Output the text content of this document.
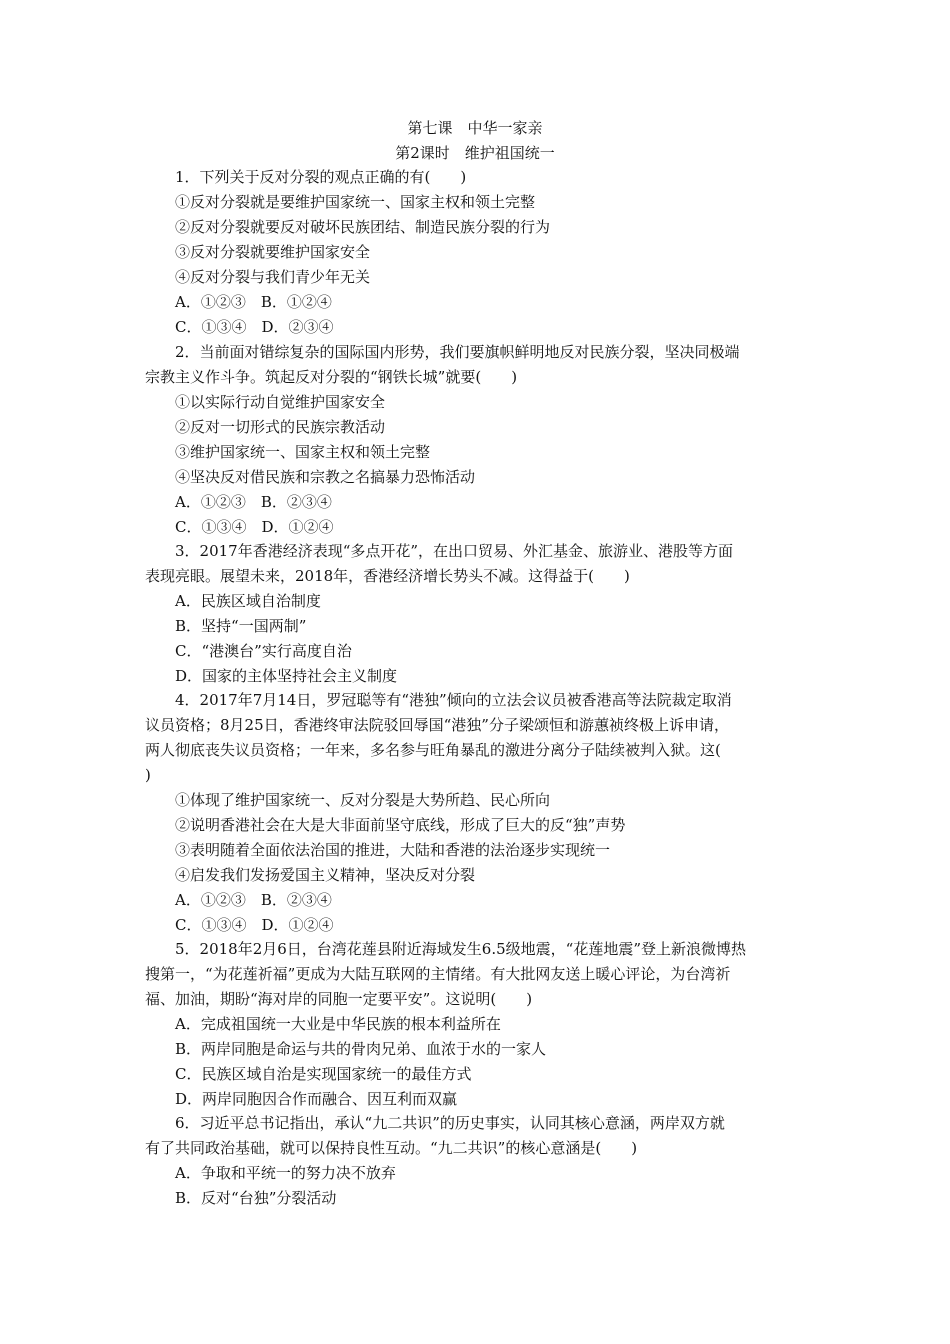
第七课　中华一家亲
第2课时　维护祖国统一
1．下列关于反对分裂的观点正确的有(　　)
①反对分裂就是要维护国家统一、国家主权和领土完整
②反对分裂就要反对破坏民族团结、制造民族分裂的行为
③反对分裂就要维护国家安全
④反对分裂与我们青少年无关
A．①②③　B．①②④
C．①③④　D．②③④
2．当前面对错综复杂的国际国内形势，我们要旗帜鲜明地反对民族分裂，坚决同极端
宗教主义作斗争。筑起反对分裂的“钢铁长城”就要(　　)
①以实际行动自觉维护国家安全
②反对一切形式的民族宗教活动
③维护国家统一、国家主权和领土完整
④坚决反对借民族和宗教之名搞暴力恐怖活动
A．①②③　B．②③④
C．①③④　D．①②④
3．2017年香港经济表现“多点开花”，在出口贸易、外汇基金、旅游业、港股等方面
表现亮眼。展望未来，2018年，香港经济增长势头不减。这得益于(　　)
A．民族区域自治制度
B．坚持“一国两制”
C．“港澳台”实行高度自治
D．国家的主体坚持社会主义制度
4．2017年7月14日，罗冠聪等有“港独”倾向的立法会议员被香港高等法院裁定取消
议员资格；8月25日，香港终审法院驳回辱国“港独”分子梁颂恒和游蕙祯终极上诉申请，
两人彻底丧失议员资格；一年来，多名参与旺角暴乱的激进分离分子陆续被判入狱。这(
)
①体现了维护国家统一、反对分裂是大势所趋、民心所向
②说明香港社会在大是大非面前坚守底线，形成了巨大的反“独”声势
③表明随着全面依法治国的推进，大陆和香港的法治逐步实现统一
④启发我们发扬爱国主义精神，坚决反对分裂
A．①②③　B．②③④
C．①③④　D．①②④
5．2018年2月6日，台湾花莲县附近海域发生6.5级地震，“花莲地震”登上新浪微博热
搜第一，“为花莲祈福”更成为大陆互联网的主情绪。有大批网友送上暖心评论，为台湾祈
福、加油，期盼“海对岸的同胞一定要平安”。这说明(　　)
A．完成祖国统一大业是中华民族的根本利益所在
B．两岸同胞是命运与共的骨肉兄弟、血浓于水的一家人
C．民族区域自治是实现国家统一的最佳方式
D．两岸同胞因合作而融合、因互利而双赢
6．习近平总书记指出，承认“九二共识”的历史事实，认同其核心意涵，两岸双方就
有了共同政治基础，就可以保持良性互动。“九二共识”的核心意涵是(　　)
A．争取和平统一的努力决不放弃
B．反对“台独”分裂活动
